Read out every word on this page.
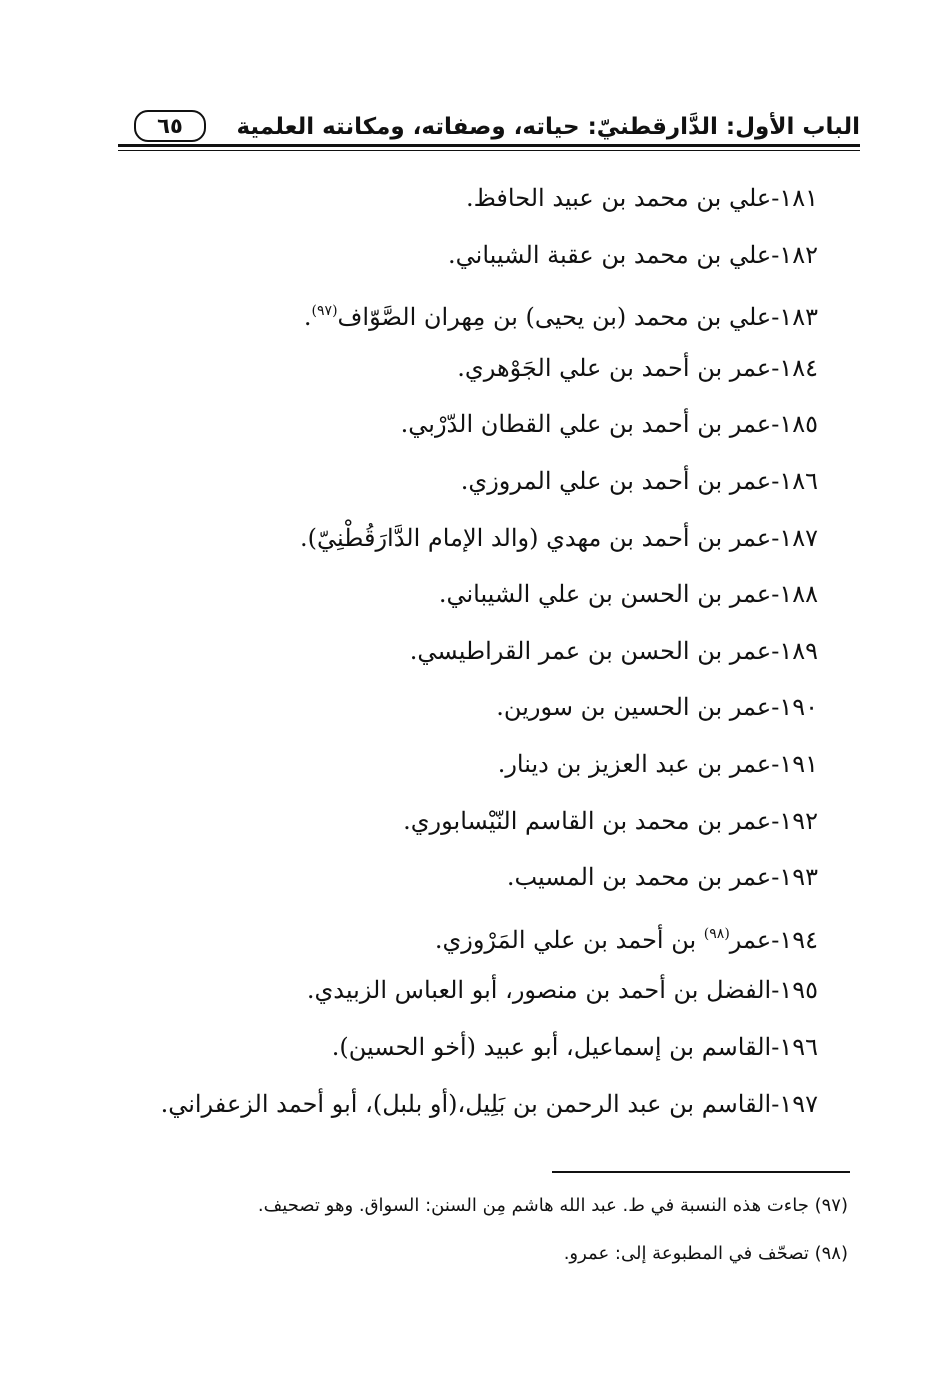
الباب الأول: الدَّارقطنيّ: حياته، وصفاته، ومكانته العلمية
٦٥
١٨١-علي بن محمد بن عبيد الحافظ.
١٨٢-علي بن محمد بن عقبة الشيباني.
١٨٣-علي بن محمد (بن يحيى) بن مِهران الصَّوّاف$^{(٩٧)}$.
١٨٤-عمر بن أحمد بن علي الجَوْهري.
١٨٥-عمر بن أحمد بن علي القطان الدّرْبي.
١٨٦-عمر بن أحمد بن علي المروزي.
١٨٧-عمر بن أحمد بن مهدي (والد الإمام الدَّارَقُطْنِيّ).
١٨٨-عمر بن الحسن بن علي الشيباني.
١٨٩-عمر بن الحسن بن عمر القراطيسي.
١٩٠-عمر بن الحسين بن سورين.
١٩١-عمر بن عبد العزيز بن دينار.
١٩٢-عمر بن محمد بن القاسم النّيْسابوري.
١٩٣-عمر بن محمد بن المسيب.
١٩٤-عمر$^{(٩٨)}$ بن أحمد بن علي المَرْوزي.
١٩٥-الفضل بن أحمد بن منصور، أبو العباس الزبيدي.
١٩٦-القاسم بن إسماعيل، أبو عبيد (أخو الحسين).
١٩٧-القاسم بن عبد الرحمن بن بَلِيل،(أو بلبل)، أبو أحمد الزعفراني.
(٩٧) جاءت هذه النسبة في ط. عبد الله هاشم مِن السنن: السواق. وهو تصحيف.
(٩٨) تصحّف في المطبوعة إلى: عمرو.
